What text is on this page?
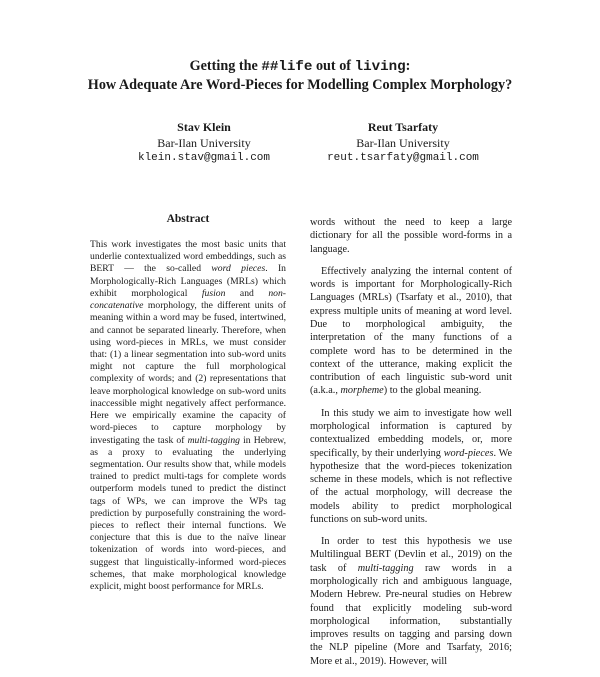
Getting the ##life out of living:
How Adequate Are Word-Pieces for Modelling Complex Morphology?
Stav Klein
Bar-Ilan University
klein.stav@gmail.com
Reut Tsarfaty
Bar-Ilan University
reut.tsarfaty@gmail.com
Abstract

This work investigates the most basic units that underlie contextualized word embeddings, such as BERT — the so-called word pieces. In Morphologically-Rich Languages (MRLs) which exhibit morphological fusion and non-concatenative morphology, the different units of meaning within a word may be fused, intertwined, and cannot be separated linearly. Therefore, when using word-pieces in MRLs, we must consider that: (1) a linear segmentation into sub-word units might not capture the full morphological complexity of words; and (2) representations that leave morphological knowledge on sub-word units inaccessible might negatively affect performance. Here we empirically examine the capacity of word-pieces to capture morphology by investigating the task of multi-tagging in Hebrew, as a proxy to evaluating the underlying segmentation. Our results show that, while models trained to predict multi-tags for complete words outperform models tuned to predict the distinct tags of WPs, we can improve the WPs tag prediction by purposefully constraining the word-pieces to reflect their internal functions. We conjecture that this is due to the naïve linear tokenization of words into word-pieces, and suggest that linguistically-informed word-pieces schemes, that make morphological knowledge explicit, might boost performance for MRLs.

words without the need to keep a large dictionary for all the possible word-forms in a language.

Effectively analyzing the internal content of words is important for Morphologically-Rich Languages (MRLs) (Tsarfaty et al., 2010), that express multiple units of meaning at word level. Due to morphological ambiguity, the interpretation of the many functions of a complete word has to be determined in the context of the utterance, making explicit the contribution of each linguistic sub-word unit (a.k.a., morpheme) to the global meaning.

In this study we aim to investigate how well morphological information is captured by contextualized embedding models, or, more specifically, by their underlying word-pieces. We hypothesize that the word-pieces tokenization scheme in these models, which is not reflective of the actual morphology, will decrease the models ability to predict morphological functions on sub-word units.

In order to test this hypothesis we use Multilingual BERT (Devlin et al., 2019) on the task of multi-tagging raw words in a morphologically rich and ambiguous language, Modern Hebrew. Pre-neural studies on Hebrew found that explicitly modeling sub-word morphological information, substantially improves results on tagging and parsing down the NLP pipeline (More and Tsarfaty, 2016; More et al., 2019). However, will
